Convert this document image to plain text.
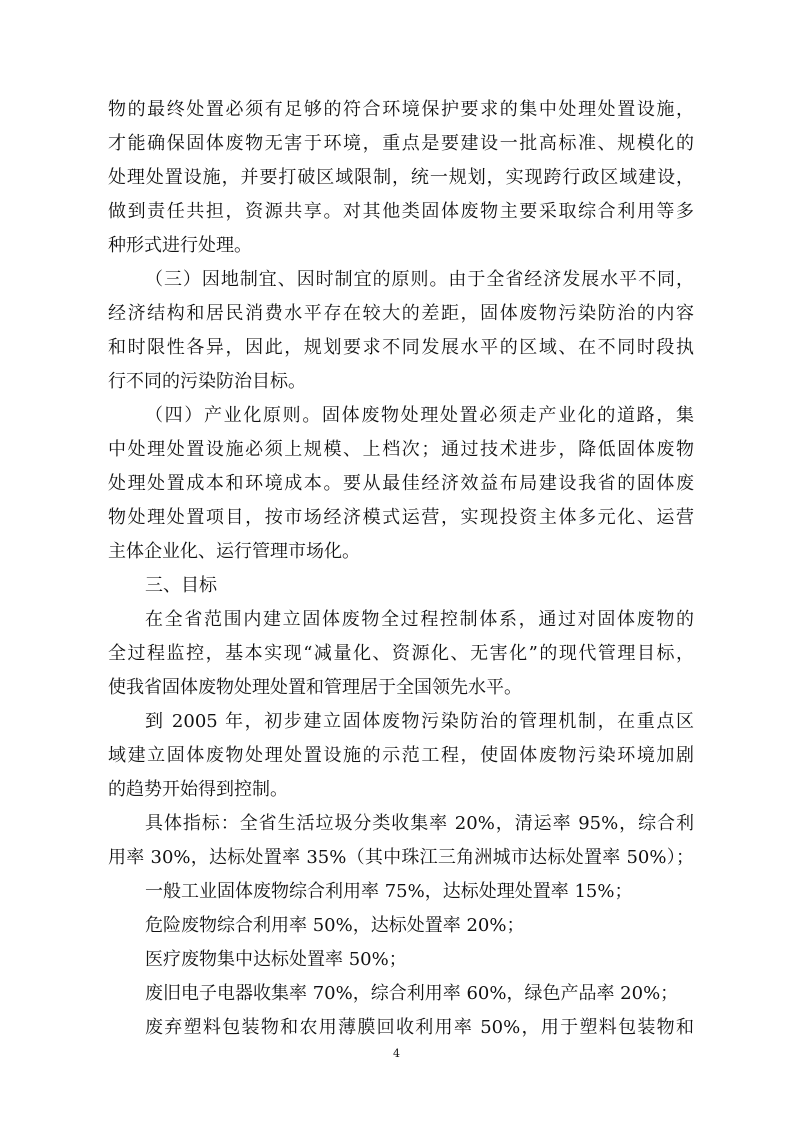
物的最终处置必须有足够的符合环境保护要求的集中处理处置设施，
才能确保固体废物无害于环境，重点是要建设一批高标准、规模化的
处理处置设施，并要打破区域限制，统一规划，实现跨行政区域建设，
做到责任共担，资源共享。对其他类固体废物主要采取综合利用等多
种形式进行处理。
（三）因地制宜、因时制宜的原则。由于全省经济发展水平不同，
经济结构和居民消费水平存在较大的差距，固体废物污染防治的内容
和时限性各异，因此，规划要求不同发展水平的区域、在不同时段执
行不同的污染防治目标。
（四）产业化原则。固体废物处理处置必须走产业化的道路，集
中处理处置设施必须上规模、上档次；通过技术进步，降低固体废物
处理处置成本和环境成本。要从最佳经济效益布局建设我省的固体废
物处理处置项目，按市场经济模式运营，实现投资主体多元化、运营
主体企业化、运行管理市场化。
三、目标
在全省范围内建立固体废物全过程控制体系，通过对固体废物的
全过程监控，基本实现“减量化、资源化、无害化”的现代管理目标，
使我省固体废物处理处置和管理居于全国领先水平。
到 2005 年，初步建立固体废物污染防治的管理机制，在重点区
域建立固体废物处理处置设施的示范工程，使固体废物污染环境加剧
的趋势开始得到控制。
具体指标：全省生活垃圾分类收集率 20%，清运率 95%，综合利
用率 30%，达标处置率 35%（其中珠江三角洲城市达标处置率 50%）；
一般工业固体废物综合利用率 75%，达标处理处置率 15%；
危险废物综合利用率 50%，达标处置率 20%；
医疗废物集中达标处置率 50%；
废旧电子电器收集率 70%，综合利用率 60%，绿色产品率 20%；
废弃塑料包装物和农用薄膜回收利用率 50%，用于塑料包装物和
4
